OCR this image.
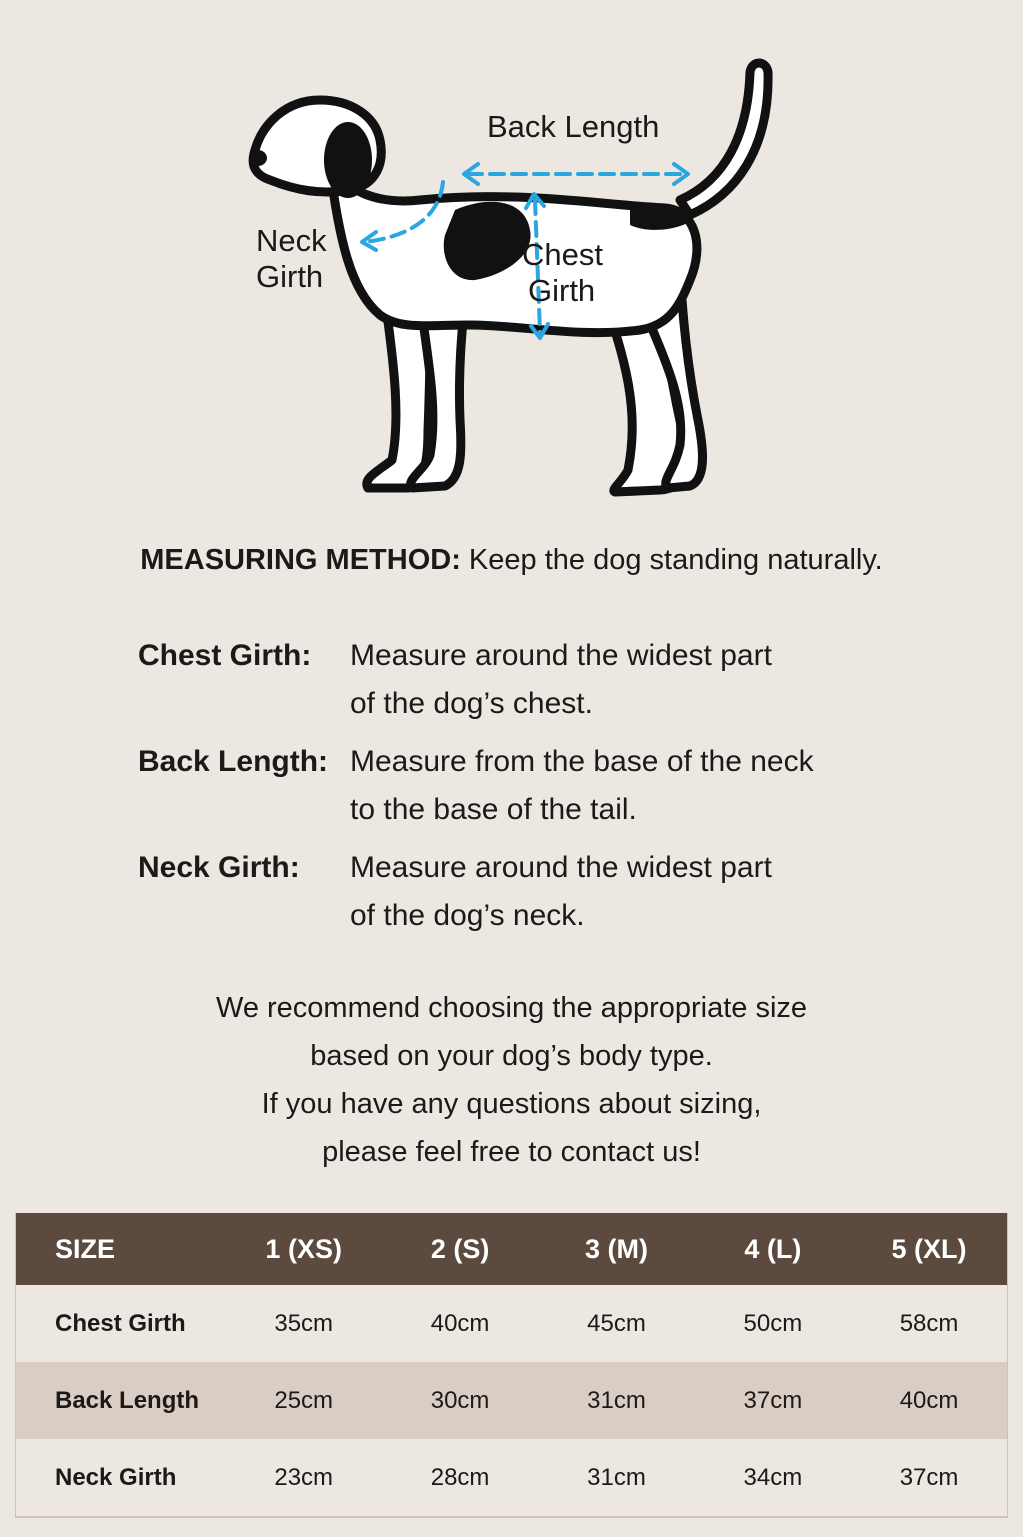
Back Length
Neck
Girth
Chest
Girth
MEASURING METHOD: Keep the dog standing naturally.
Chest Girth: Measure around the widest part
of the dog’s chest.
Back Length: Measure from the base of the neck
to the base of the tail.
Neck Girth: Measure around the widest part
of the dog’s neck.
We recommend choosing the appropriate size
based on your dog’s body type.
If you have any questions about sizing,
please feel free to contact us!
SIZE	1 (XS)	2 (S)	3 (M)	4 (L)	5 (XL)
Chest Girth	35cm	40cm	45cm	50cm	58cm
Back Length	25cm	30cm	31cm	37cm	40cm
Neck Girth	23cm	28cm	31cm	34cm	37cm
